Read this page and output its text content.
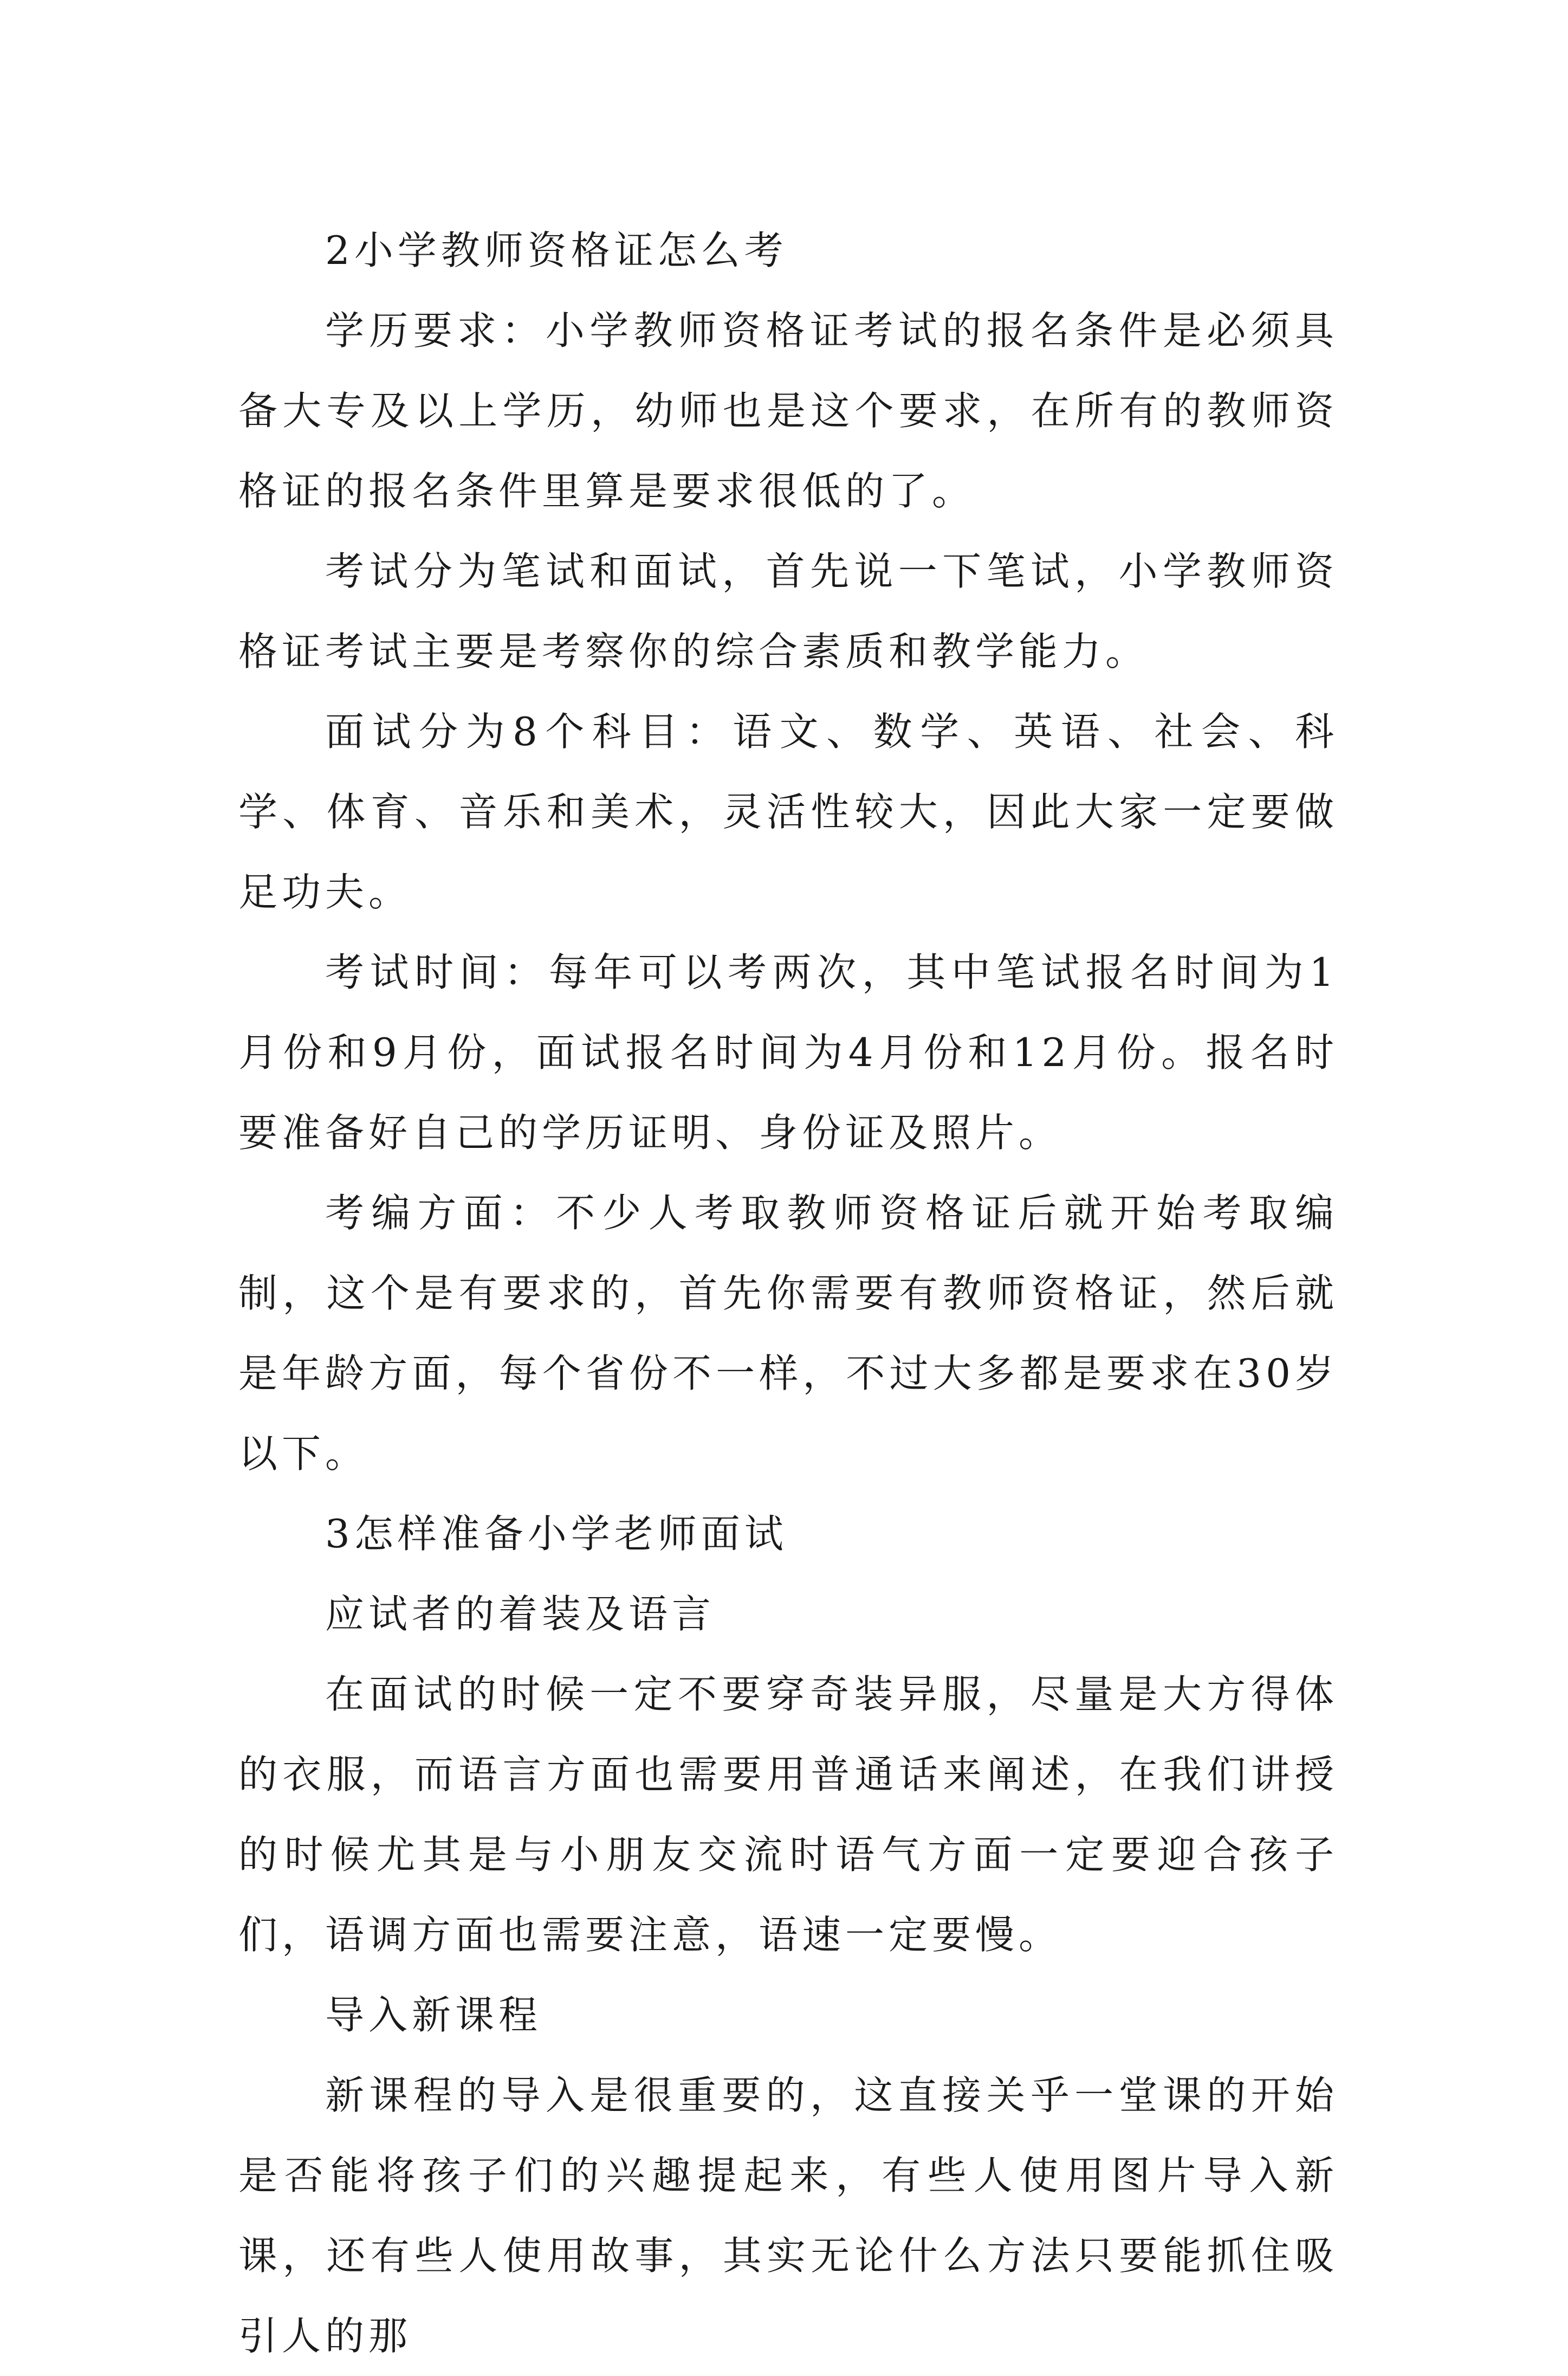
2小学教师资格证怎么考

学历要求：小学教师资格证考试的报名条件是必须具备大专及以上学历，幼师也是这个要求，在所有的教师资格证的报名条件里算是要求很低的了。

考试分为笔试和面试，首先说一下笔试，小学教师资格证考试主要是考察你的综合素质和教学能力。

面试分为8个科目：语文、数学、英语、社会、科学、体育、音乐和美术，灵活性较大，因此大家一定要做足功夫。

考试时间：每年可以考两次，其中笔试报名时间为1月份和9月份，面试报名时间为4月份和12月份。报名时要准备好自己的学历证明、身份证及照片。

考编方面：不少人考取教师资格证后就开始考取编制，这个是有要求的，首先你需要有教师资格证，然后就是年龄方面，每个省份不一样，不过大多都是要求在30岁以下。

3怎样准备小学老师面试

应试者的着装及语言

在面试的时候一定不要穿奇装异服，尽量是大方得体的衣服，而语言方面也需要用普通话来阐述，在我们讲授的时候尤其是与小朋友交流时语气方面一定要迎合孩子们，语调方面也需要注意，语速一定要慢。

导入新课程

新课程的导入是很重要的，这直接关乎一堂课的开始是否能将孩子们的兴趣提起来，有些人使用图片导入新课，还有些人使用故事，其实无论什么方法只要能抓住吸引人的那
